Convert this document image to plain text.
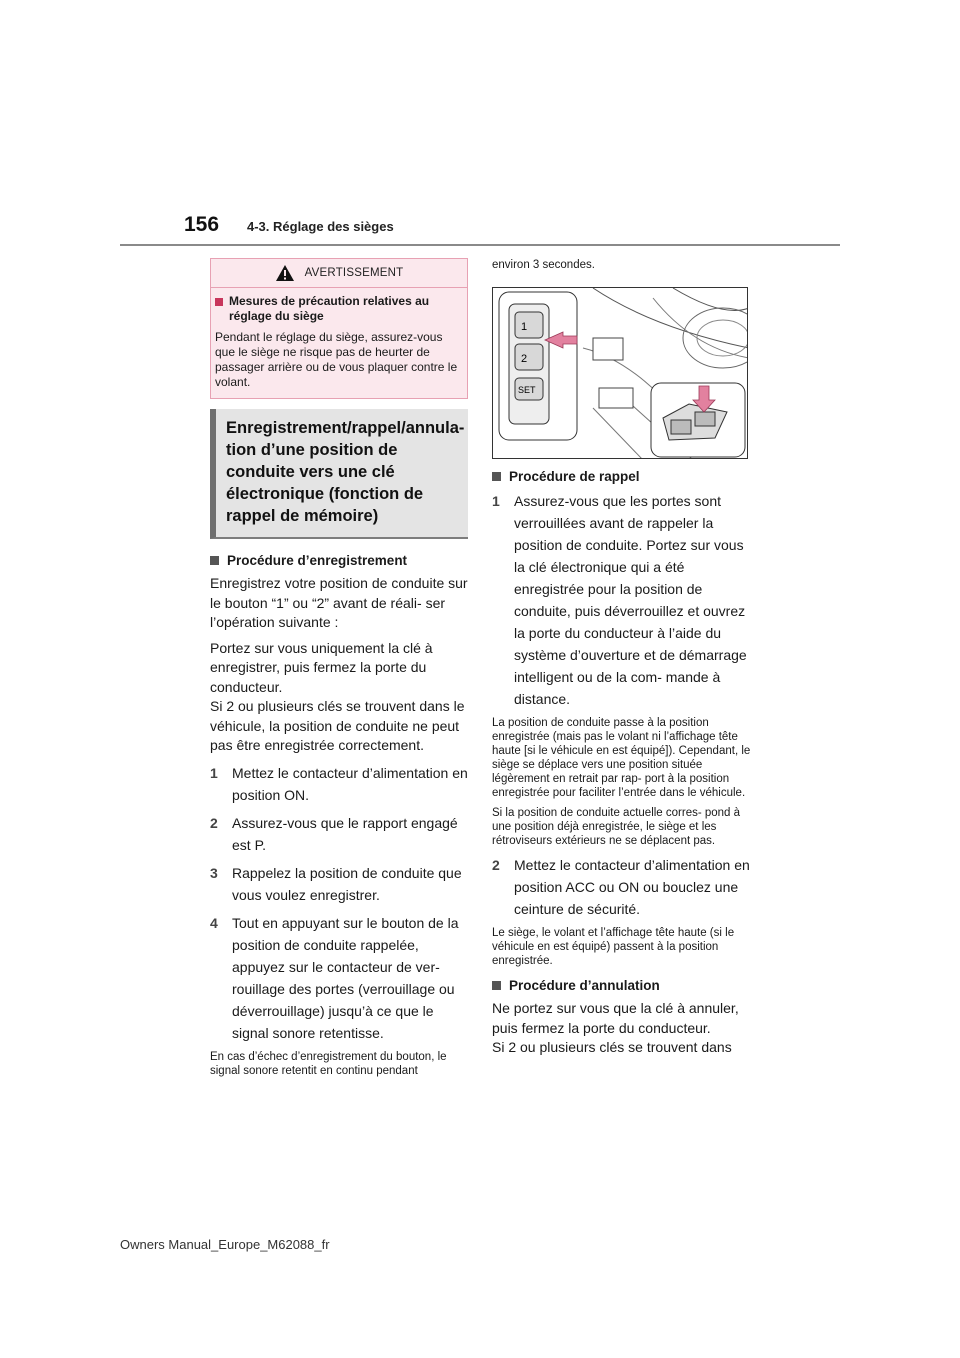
156 4-3. Réglage des sièges
AVERTISSEMENT
Mesures de précaution relatives au réglage du siège
Pendant le réglage du siège, assurez-vous que le siège ne risque pas de heurter de passager arrière ou de vous plaquer contre le volant.
Enregistrement/rappel/annula- tion d’une position de conduite vers une clé électronique (fonction de rappel de mémoire)
Procédure d’enregistrement
Enregistrez votre position de conduite sur le bouton “1” ou “2” avant de réali- ser l’opération suivante :
Portez sur vous uniquement la clé à enregistrer, puis fermez la porte du conducteur.
Si 2 ou plusieurs clés se trouvent dans le véhicule, la position de conduite ne peut pas être enregistrée correctement.
1	Mettez le contacteur d’alimentation en position ON.
2	Assurez-vous que le rapport engagé est P.
3	Rappelez la position de conduite que vous voulez enregistrer.
4	Tout en appuyant sur le bouton de la position de conduite rappelée, appuyez sur le contacteur de ver- rouillage des portes (verrouillage ou déverrouillage) jusqu’à ce que le signal sonore retentisse.
En cas d’échec d’enregistrement du bouton, le signal sonore retentit en continu pendant
environ 3 secondes.
1
2
SET
Procédure de rappel
1	Assurez-vous que les portes sont verrouillées avant de rappeler la position de conduite. Portez sur vous la clé électronique qui a été enregistrée pour la position de conduite, puis déverrouillez et ouvrez la porte du conducteur à l’aide du système d’ouverture et de démarrage intelligent ou de la com- mande à distance.
La position de conduite passe à la position enregistrée (mais pas le volant ni l’affichage tête haute [si le véhicule en est équipé]). Cependant, le siège se déplace vers une position située légèrement en retrait par rap- port à la position enregistrée pour faciliter l’entrée dans le véhicule.
Si la position de conduite actuelle corres- pond à une position déjà enregistrée, le siège et les rétroviseurs extérieurs ne se déplacent pas.
2	Mettez le contacteur d’alimentation en position ACC ou ON ou bouclez une ceinture de sécurité.
Le siège, le volant et l’affichage tête haute (si le véhicule en est équipé) passent à la position enregistrée.
Procédure d’annulation
Ne portez sur vous que la clé à annuler, puis fermez la porte du conducteur.
Si 2 ou plusieurs clés se trouvent dans
Owners Manual_Europe_M62088_fr
